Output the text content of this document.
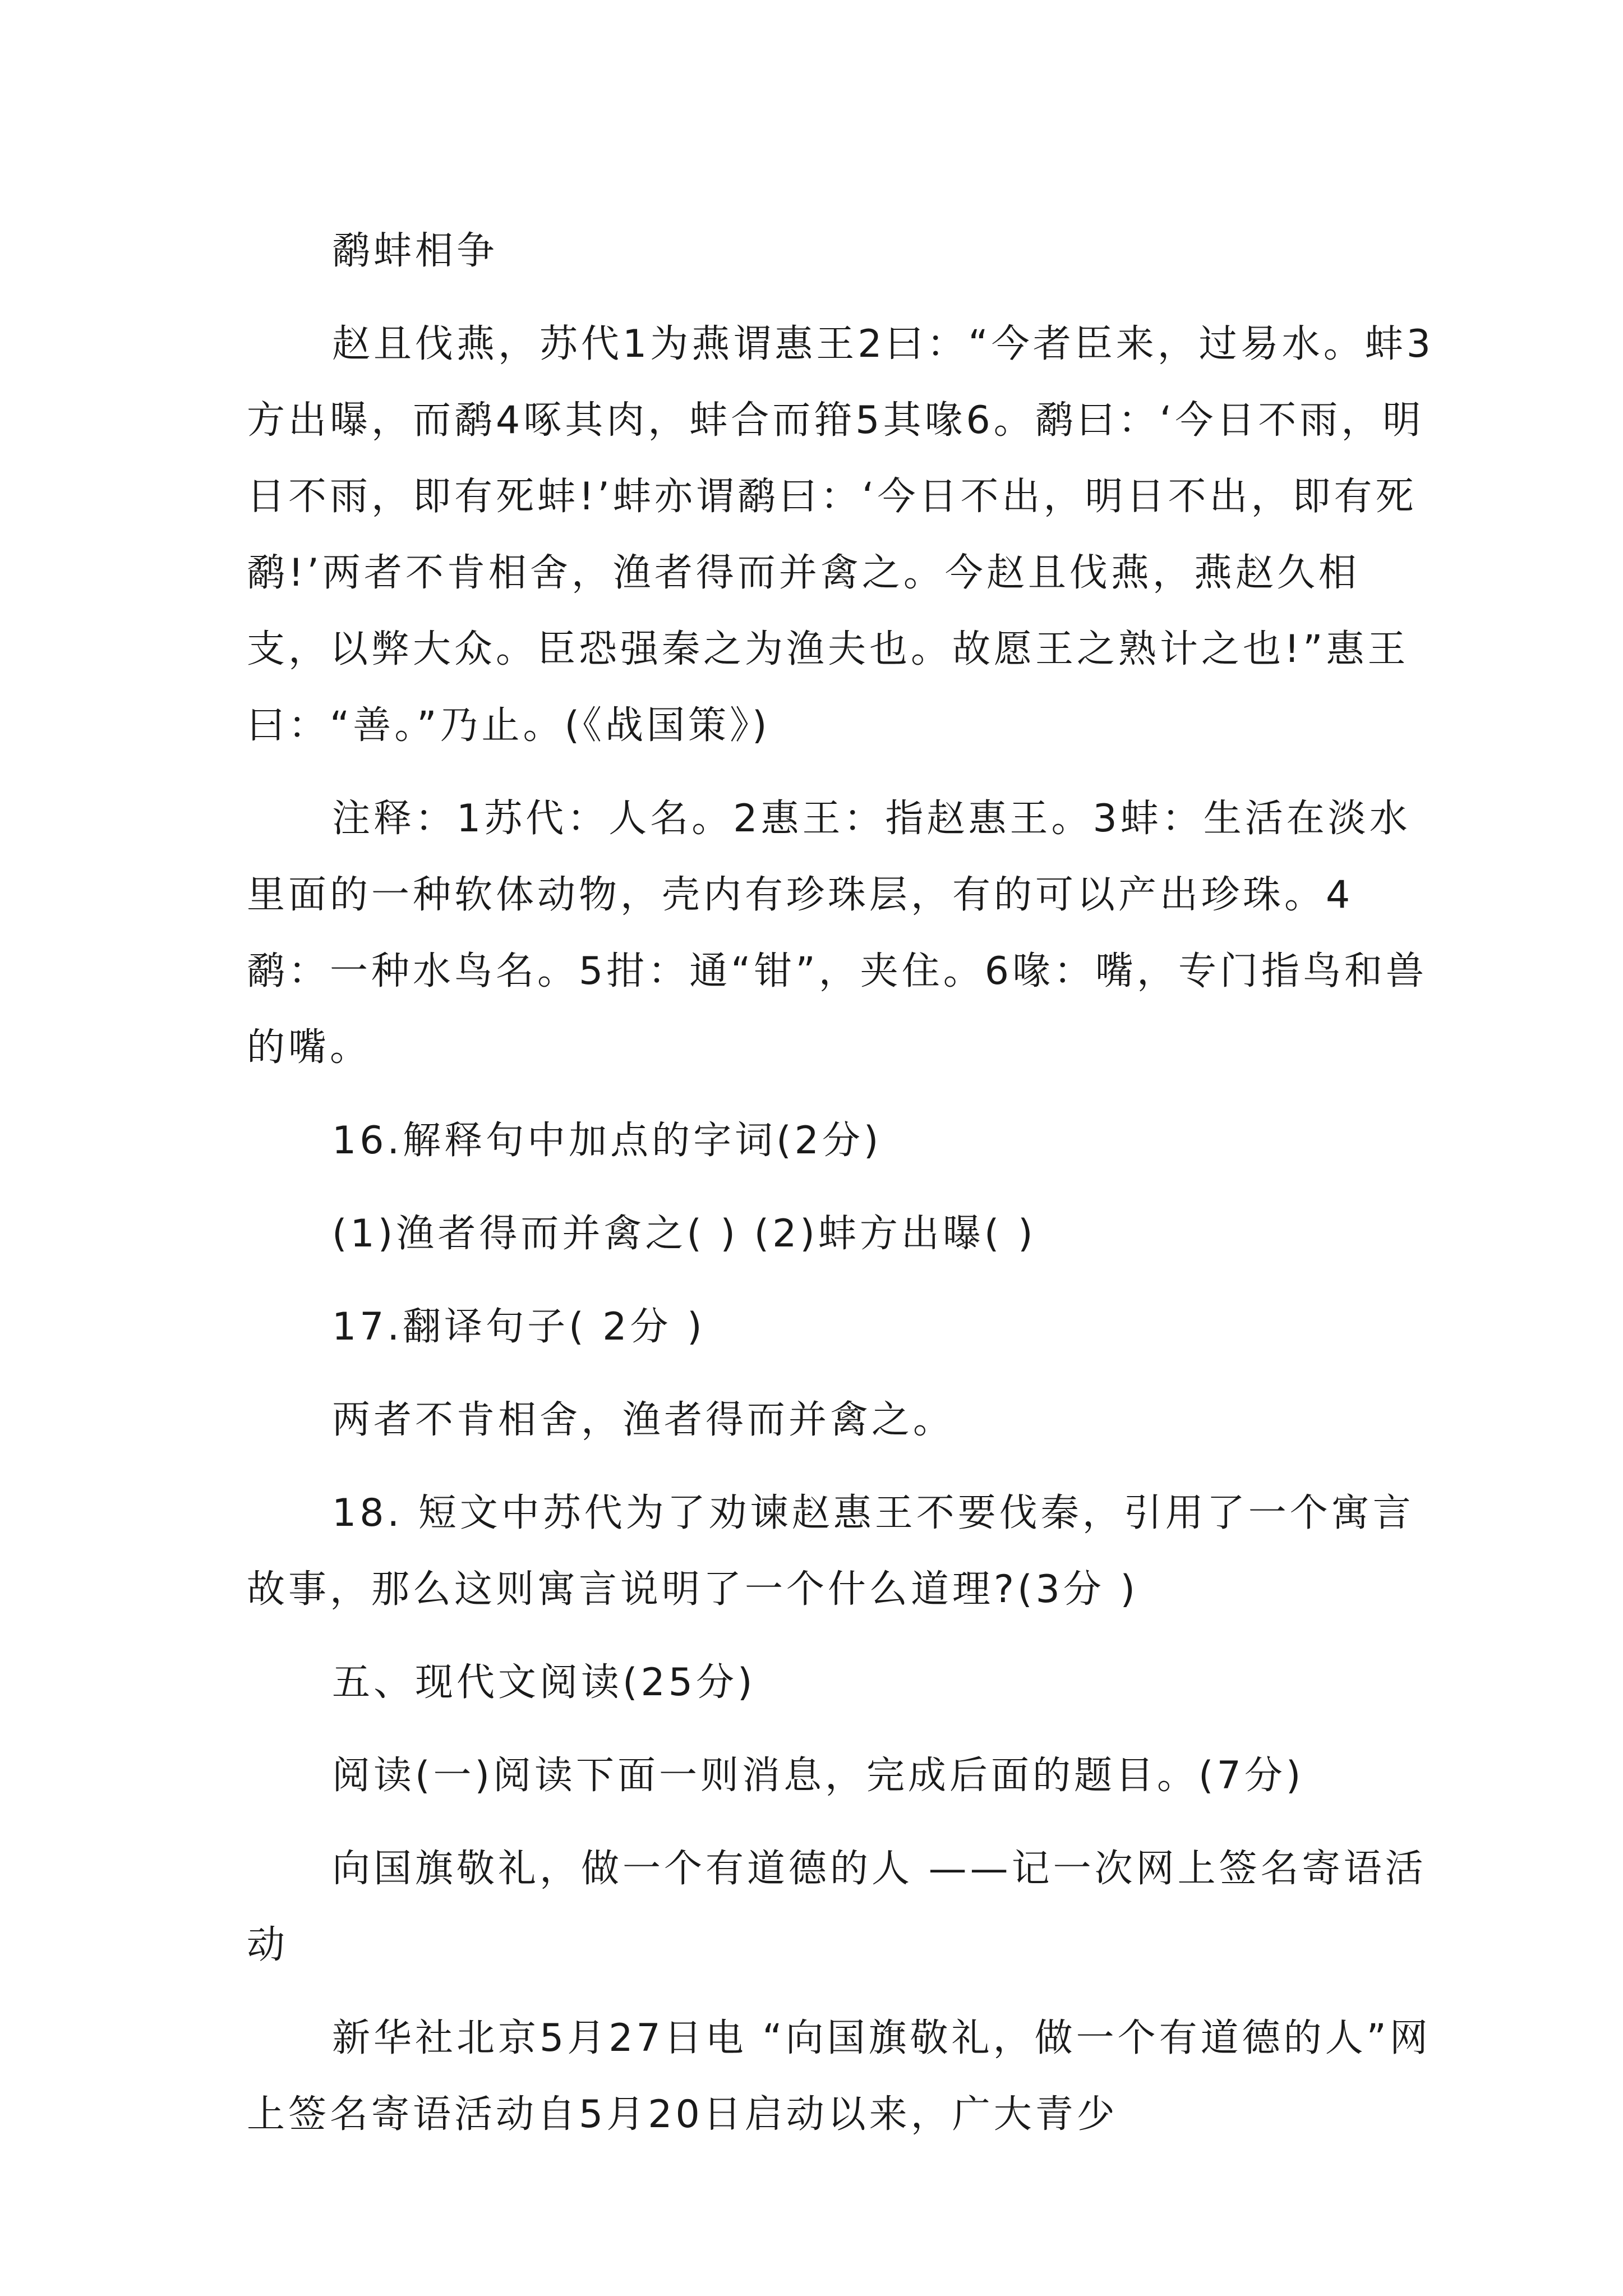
鹬蚌相争

赵且伐燕，苏代1为燕谓惠王2曰：“今者臣来，过易水。蚌3方出曝，而鹬4啄其肉，蚌合而箝5其喙6。鹬曰：‘今日不雨，明日不雨，即有死蚌!’蚌亦谓鹬曰：‘今日不出，明日不出，即有死鹬!’两者不肯相舍，渔者得而并禽之。今赵且伐燕，燕赵久相支，以弊大众。臣恐强秦之为渔夫也。故愿王之熟计之也!”惠王曰：“善。”乃止。(《战国策》)

注释：1苏代：人名。2惠王：指赵惠王。3蚌：生活在淡水里面的一种软体动物，壳内有珍珠层，有的可以产出珍珠。4鹬：一种水鸟名。5拑：通“钳”，夹住。6喙：嘴，专门指鸟和兽的嘴。

16.解释句中加点的字词(2分)

(1)渔者得而并禽之( ) (2)蚌方出曝( )

17.翻译句子( 2分 )

两者不肯相舍，渔者得而并禽之。

18. 短文中苏代为了劝谏赵惠王不要伐秦，引用了一个寓言故事，那么这则寓言说明了一个什么道理?(3分 )

五、现代文阅读(25分)

阅读(一)阅读下面一则消息，完成后面的题目。(7分)

向国旗敬礼，做一个有道德的人 ——记一次网上签名寄语活动

新华社北京5月27日电 “向国旗敬礼，做一个有道德的人”网上签名寄语活动自5月20日启动以来，广大青少
